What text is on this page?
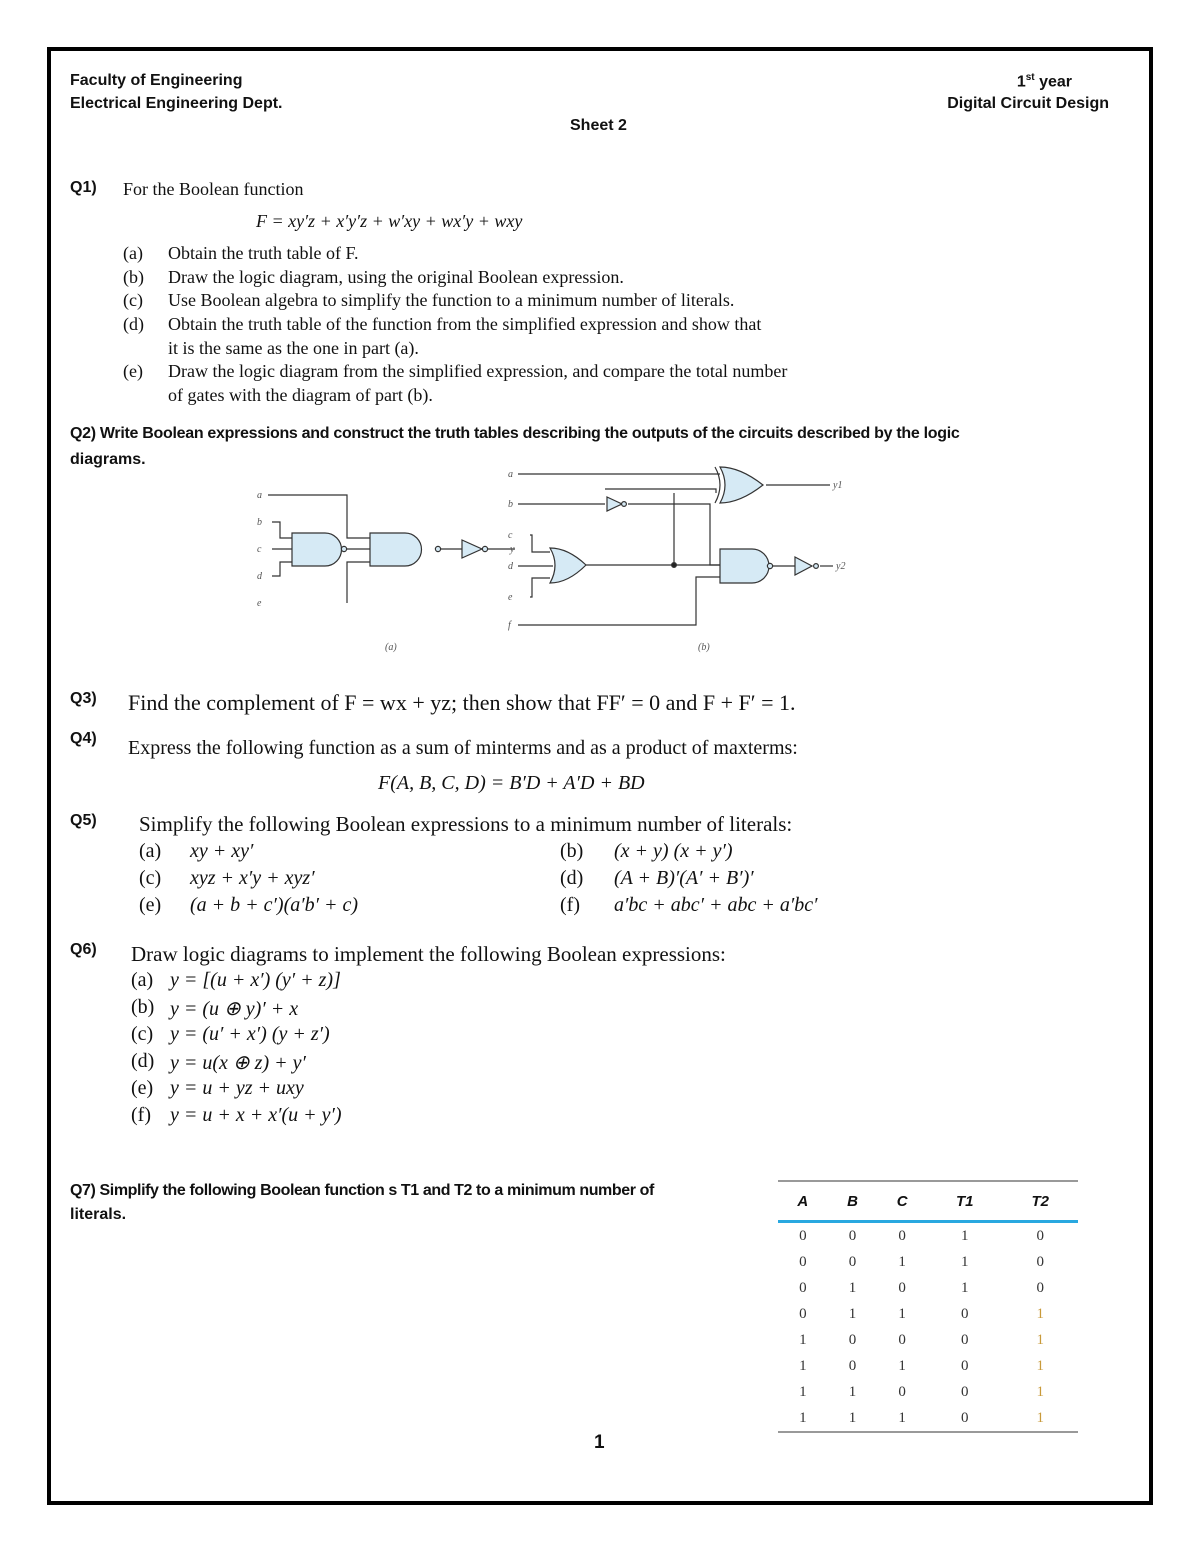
Faculty of Engineering
Electrical Engineering Dept.
1st year
Digital Circuit Design
Sheet 2
Q1) For the Boolean function
F = xy′z + x′y′z + w′xy + wx′y + wxy
(a) Obtain the truth table of F.
(b) Draw the logic diagram, using the original Boolean expression.
(c) Use Boolean algebra to simplify the function to a minimum number of literals.
(d) Obtain the truth table of the function from the simplified expression and show that
it is the same as the one in part (a).
(e) Draw the logic diagram from the simplified expression, and compare the total number
of gates with the diagram of part (b).
Q2) Write Boolean expressions and construct the truth tables describing the outputs of the circuits described by the logic
diagrams.
a
b
c
d
e
y
(a)
a
b
c
d
e
f
y1
y2
(b)
Q3) Find the complement of F = wx + yz; then show that FF′ = 0 and F + F′ = 1.
Q4) Express the following function as a sum of minterms and as a product of maxterms:
F(A, B, C, D) = B′D + A′D + BD
Q5) Simplify the following Boolean expressions to a minimum number of literals:
(a) xy + xy′	(b) (x + y) (x + y′)
(c) xyz + x′y + xyz′	(d) (A + B)′(A′ + B′)′
(e) (a + b + c′)(a′b′ + c)	(f) a′bc + abc′ + abc + a′bc′
Q6) Draw logic diagrams to implement the following Boolean expressions:
(a) y = [(u + x′) (y′ + z)]
(b) y = (u ⊕ y)′ + x
(c) y = (u′ + x′) (y + z′)
(d) y = u(x ⊕ z) + y′
(e) y = u + yz + uxy
(f) y = u + x + x′(u + y′)
Q7) Simplify the following Boolean function s T1 and T2 to a minimum number of
literals.
A	B	C	T1	T2
0	0	0	1	0
0	0	1	1	0
0	1	0	1	0
0	1	1	0	1
1	0	0	0	1
1	0	1	0	1
1	1	0	0	1
1	1	1	0	1
1
